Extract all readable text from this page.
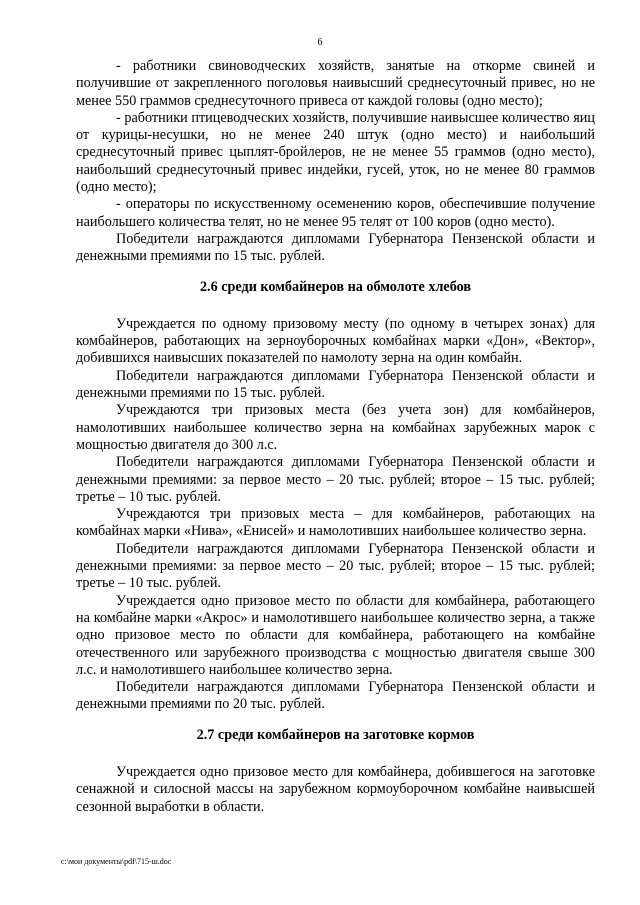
6

- работники свиноводческих хозяйств, занятые на откорме свиней и получившие от закрепленного поголовья наивысший среднесуточный привес, но не менее 550 граммов среднесуточного привеса от каждой головы (одно место);

- работники птицеводческих хозяйств, получившие наивысшее количество яиц от курицы-несушки, но не менее 240 штук (одно место) и наибольший среднесуточный привес цыплят-бройлеров, не не менее 55 граммов (одно место), наибольший среднесуточный привес индейки, гусей, уток, но не менее 80 граммов (одно место);

- операторы по искусственному осеменению коров, обеспечившие получение наибольшего количества телят, но не менее 95 телят от 100 коров (одно место).

Победители награждаются дипломами Губернатора Пензенской области и денежными премиями по 15 тыс. рублей.

2.6 среди комбайнеров на обмолоте хлебов

Учреждается по одному призовому месту (по одному в четырех зонах) для комбайнеров, работающих на зерноуборочных комбайнах марки «Дон», «Вектор», добившихся наивысших показателей по намолоту зерна на один комбайн.

Победители награждаются дипломами Губернатора Пензенской области и денежными премиями по 15 тыс. рублей.

Учреждаются три призовых места (без учета зон) для комбайнеров, намолотивших наибольшее количество зерна на комбайнах зарубежных марок с мощностью двигателя до 300 л.с.

Победители награждаются дипломами Губернатора Пензенской области и денежными премиями: за первое место – 20 тыс. рублей; второе – 15 тыс. рублей; третье – 10 тыс. рублей.

Учреждаются три призовых места – для комбайнеров, работающих на комбайнах марки «Нива», «Енисей» и намолотивших наибольшее количество зерна.

Победители награждаются дипломами Губернатора Пензенской области и денежными премиями: за первое место – 20 тыс. рублей; второе – 15 тыс. рублей; третье – 10 тыс. рублей.

Учреждается одно призовое место по области для комбайнера, работающего на комбайне марки «Акрос» и намолотившего наибольшее количество зерна, а также одно призовое место по области для комбайнера, работающего на комбайне отечественного или зарубежного производства с мощностью двигателя свыше 300 л.с. и намолотившего наибольшее количество зерна.

Победители награждаются дипломами Губернатора Пензенской области и денежными премиями по 20 тыс. рублей.

2.7 среди комбайнеров на заготовке кормов

Учреждается одно призовое место для комбайнера, добившегося на заготовке сенажной и силосной массы на зарубежном кормоуборочном комбайне наивысшей сезонной выработки в области.

c:\мои документы\pdf\715-ш.doc
